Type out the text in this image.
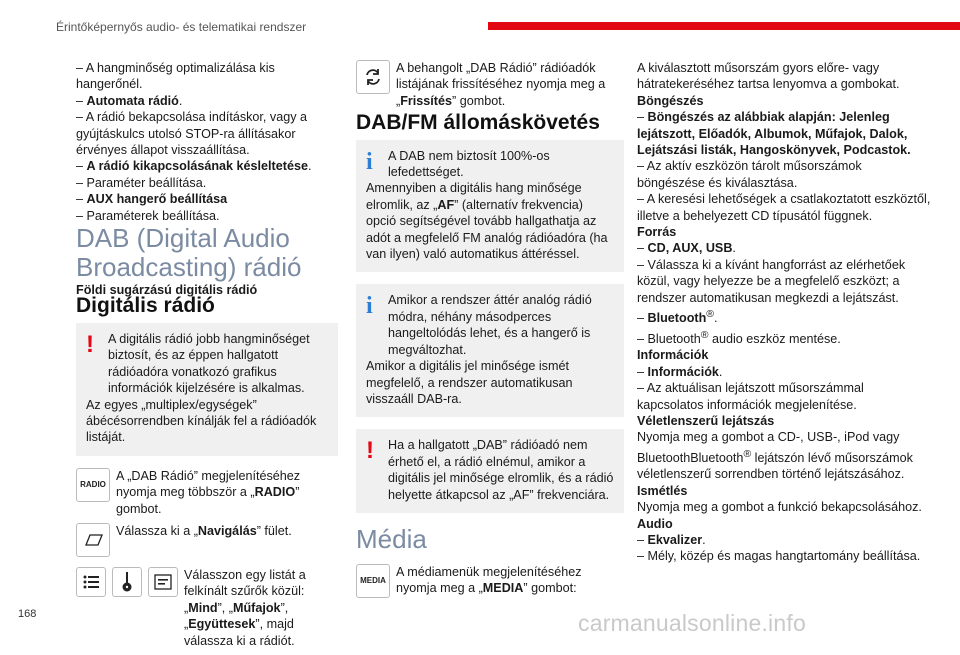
Érintőképernyős audio- és telematikai rendszer

– A hangminőség optimalizálása kis hangerőnél.

– Automata rádió.

– A rádió bekapcsolása indításkor, vagy a gyújtáskulcs utolsó STOP-ra állításakor érvényes állapot visszaállítása.

– A rádió kikapcsolásának késleltetése.

– Paraméter beállítása.

– AUX hangerő beállítása

– Paraméterek beállítása.

DAB (Digital Audio Broadcasting) rádió

Földi sugárzású digitális rádió

Digitális rádió

!	A digitális rádió jobb hangminőséget biztosít, és az éppen hallgatott rádióadóra vonatkozó grafikus információk kijelzésére is alkalmas.

Az egyes „multiplex/egységek” ábécésorrendben kínálják fel a rádióadók listáját.

RADIO

A „DAB Rádió” megjelenítéséhez nyomja meg többször a „RADIO” gombot.

Válassza ki a „Navigálás” fület.

Válasszon egy listát a felkínált szűrők közül: „Mind”, „Műfajok”, „Együttesek”, majd válassza ki a rádiót.

A behangolt „DAB Rádió” rádióadók listájának frissítéséhez nyomja meg a „Frissítés” gombot.

DAB/FM állomáskövetés

i	A DAB nem biztosít 100%-os lefedettséget.

Amennyiben a digitális hang minősége elromlik, az „AF” (alternatív frekvencia) opció segítségével tovább hallgathatja az adót a megfelelő FM analóg rádióadóra (ha van ilyen) való automatikus áttéréssel.

i	Amikor a rendszer áttér analóg rádió módra, néhány másodperces hangeltolódás lehet, és a hangerő is megváltozhat.

Amikor a digitális jel minősége ismét megfelelő, a rendszer automatikusan visszaáll DAB-ra.

!	Ha a hallgatott „DAB” rádióadó nem érhető el, a rádió elnémul, amikor a digitális jel minősége elromlik, és a rádió helyette átkapcsol az „AF” frekvenciára.

Média

MEDIA

A médiamenük megjelenítéséhez nyomja meg a „MEDIA” gombot:

A kiválasztott műsorszám gyors előre- vagy hátratekeréséhez tartsa lenyomva a gombokat.

Böngészés

– Böngészés az alábbiak alapján: Jelenleg lejátszott, Előadók, Albumok, Műfajok, Dalok, Lejátszási listák, Hangoskönyvek, Podcastok.

– Az aktív eszközön tárolt műsorszámok böngészése és kiválasztása.

– A keresési lehetőségek a csatlakoztatott eszköztől, illetve a behelyezett CD típusától függnek.

Forrás

– CD, AUX, USB.

– Válassza ki a kívánt hangforrást az elérhetőek közül, vagy helyezze be a megfelelő eszközt; a rendszer automatikusan megkezdi a lejátszást.

– Bluetooth®.

– Bluetooth® audio eszköz mentése.

Információk

– Információk.

– Az aktuálisan lejátszott műsorszámmal kapcsolatos információk megjelenítése.

Véletlenszerű lejátszás

Nyomja meg a gombot a CD-, USB-, iPod vagy BluetoothBluetooth® lejátszón lévő műsorszámok véletlenszerű sorrendben történő lejátszásához.

Ismétlés

Nyomja meg a gombot a funkció bekapcsolásához.

Audio

– Ekvalizer.

– Mély, közép és magas hangtartomány beállítása.

168	carmanualsonline.info
